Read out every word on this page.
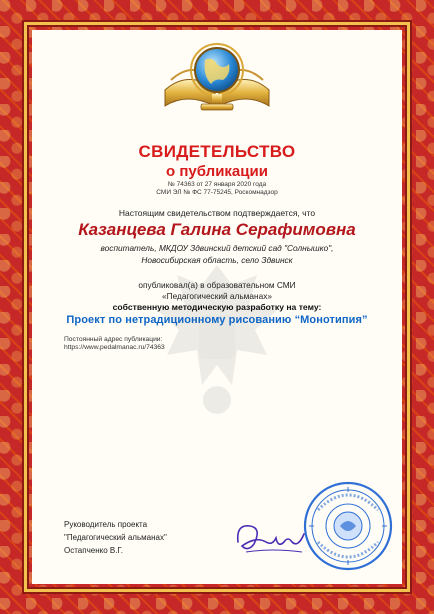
СВИДЕТЕЛЬСТВО
о публикации
№ 74363 от 27 января 2020 года
СМИ ЭЛ № ФС 77-75245, Роскомнадзор
Настоящим свидетельством подтверждается, что
Казанцева Галина Серафимовна
воспитатель, МКДОУ Здвинский детский сад "Солнышко",
Новосибирская область, село Здвинск
опубликовал(а) в образовательном СМИ
«Педагогический альманах»
собственную методическую разработку на тему:
Проект по нетрадиционному рисованию “Монотипия”
Постоянный адрес публикации:
https://www.pedalmanac.ru/74363
Руководитель проекта
"Педагогический альманах"
Остапченко В.Г.
